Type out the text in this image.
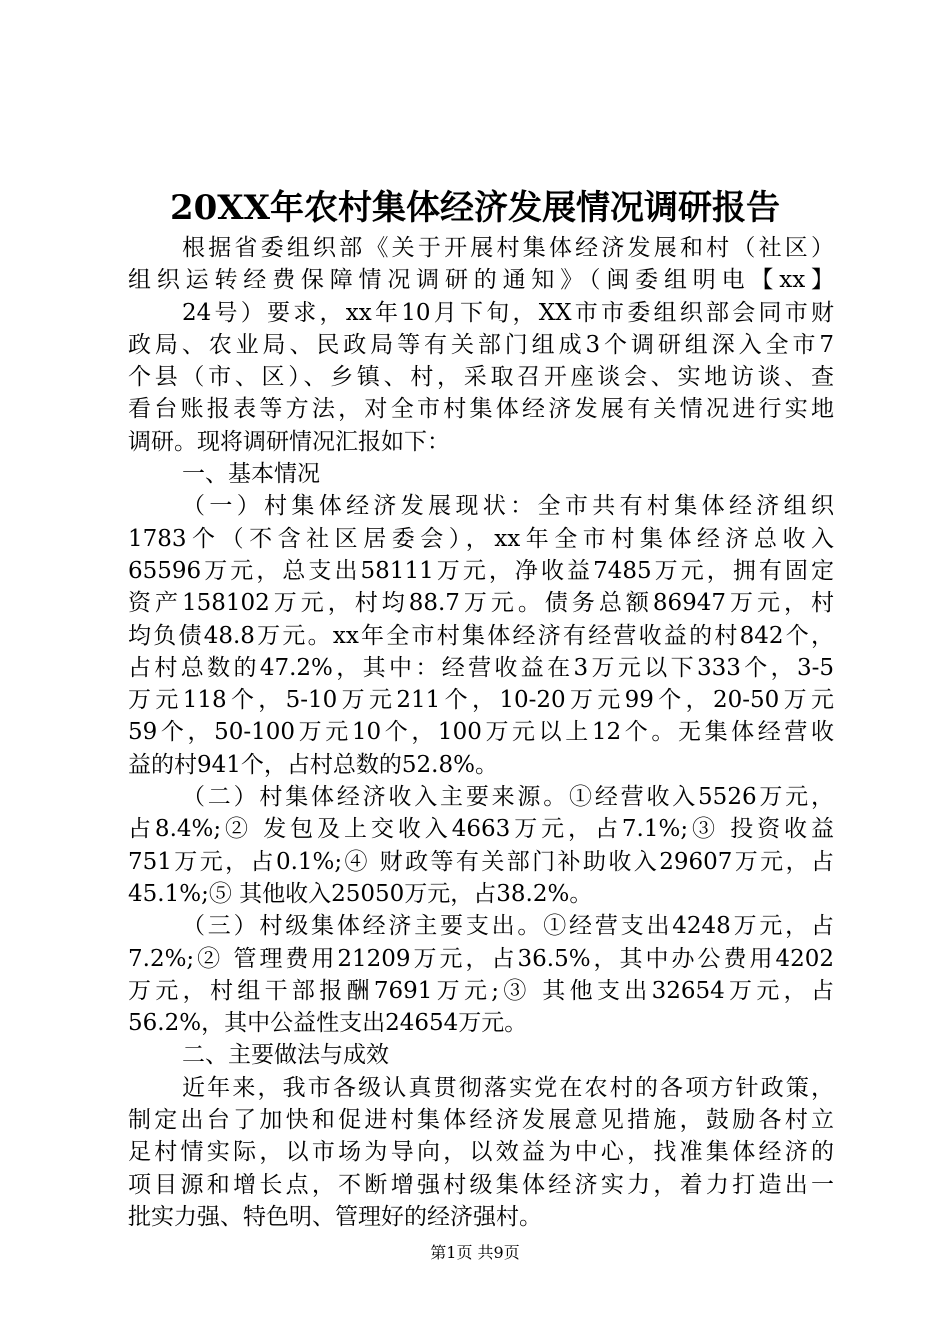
20XX年农村集体经济发展情况调研报告
根据省委组织部《关于开展村集体经济发展和村（社区）
组织运转经费保障情况调研的通知》（闽委组明电【xx】
24号）要求，xx年10月下旬，XX市市委组织部会同市财
政局、农业局、民政局等有关部门组成3个调研组深入全市7
个县（市、区）、乡镇、村，采取召开座谈会、实地访谈、查
看台账报表等方法，对全市村集体经济发展有关情况进行实地
调研。现将调研情况汇报如下：
一、基本情况
（一）村集体经济发展现状：全市共有村集体经济组织
1783个（不含社区居委会），xx年全市村集体经济总收入
65596万元，总支出58111万元，净收益7485万元，拥有固定
资产158102万元，村均88.7万元。债务总额86947万元，村
均负债48.8万元。xx年全市村集体经济有经营收益的村842个，
占村总数的47.2%，其中：经营收益在3万元以下333个，3-5
万元118个，5-10万元211个，10-20万元99个，20-50万元
59个，50-100万元10个，100万元以上12个。无集体经营收
益的村941个，占村总数的52.8%。
（二）村集体经济收入主要来源。①经营收入5526万元，
占8.4%;② 发包及上交收入4663万元，占7.1%;③ 投资收益
751万元，占0.1%;④ 财政等有关部门补助收入29607万元，占
45.1%;⑤ 其他收入25050万元，占38.2%。
（三）村级集体经济主要支出。①经营支出4248万元，占
7.2%;② 管理费用21209万元，占36.5%，其中办公费用4202
万元，村组干部报酬7691万元;③ 其他支出32654万元，占
56.2%，其中公益性支出24654万元。
二、主要做法与成效
近年来，我市各级认真贯彻落实党在农村的各项方针政策，
制定出台了加快和促进村集体经济发展意见措施，鼓励各村立
足村情实际，以市场为导向，以效益为中心，找准集体经济的
项目源和增长点，不断增强村级集体经济实力，着力打造出一
批实力强、特色明、管理好的经济强村。
第1页 共9页
